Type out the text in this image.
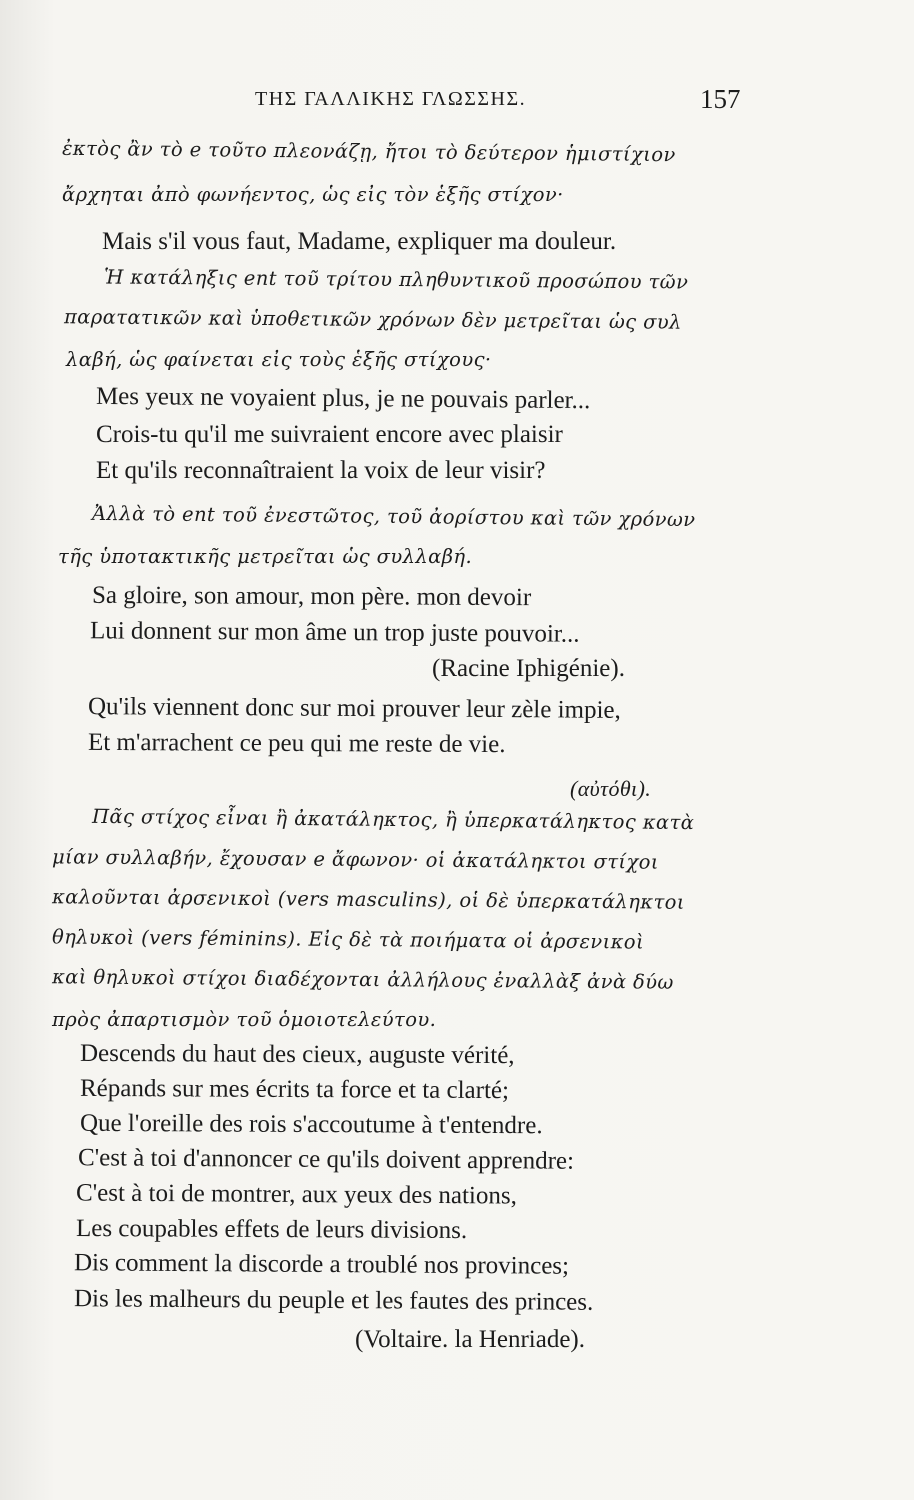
ΤΗΣ ΓΑΛΛΙΚΗΣ ΓΛΩΣΣΗΣ.	157
ἐκτὸς ἂν τὸ e τοῦτο πλεονάζῃ, ἤτοι τὸ δεύτερον ἡμιστίχιον
ἄρχηται ἀπὸ φωνήεντος, ὡς εἰς τὸν ἑξῆς στίχον·
Mais s'il vous faut, Madame, expliquer ma douleur.
Ἡ κατάληξις ent τοῦ τρίτου πληθυντικοῦ προσώπου τῶν
παρατατικῶν καὶ ὑποθετικῶν χρόνων δὲν μετρεῖται ὡς συλ
λαβή, ὡς φαίνεται εἰς τοὺς ἑξῆς στίχους·
Mes yeux ne voyaient plus, je ne pouvais parler...
Crois-tu qu'il me suivraient encore avec plaisir
Et qu'ils reconnaîtraient la voix de leur visir?
Ἀλλὰ τὸ ent τοῦ ἐνεστῶτος, τοῦ ἀορίστου καὶ τῶν χρόνων
τῆς ὑποτακτικῆς μετρεῖται ὡς συλλαβή.
Sa gloire, son amour, mon père. mon devoir
Lui donnent sur mon âme un trop juste pouvoir...
(Racine Iphigénie).
Qu'ils viennent donc sur moi prouver leur zèle impie,
Et m'arrachent ce peu qui me reste de vie.
(αὐτόθι).
Πᾶς στίχος εἶναι ἢ ἀκατάληκτος, ἢ ὑπερκατάληκτος κατὰ
μίαν συλλαβήν, ἔχουσαν e ἄφωνον· οἱ ἀκατάληκτοι στίχοι
καλοῦνται ἀρσενικοὶ (vers masculins), οἱ δὲ ὑπερκατάληκτοι
θηλυκοὶ (vers féminins). Εἰς δὲ τὰ ποιήματα οἱ ἀρσενικοὶ
καὶ θηλυκοὶ στίχοι διαδέχονται ἀλλήλους ἐναλλὰξ ἀνὰ δύω
πρὸς ἀπαρτισμὸν τοῦ ὁμοιοτελεύτου.
Descends du haut des cieux, auguste vérité,
Répands sur mes écrits ta force et ta clarté;
Que l'oreille des rois s'accoutume à t'entendre.
C'est à toi d'annoncer ce qu'ils doivent apprendre:
C'est à toi de montrer, aux yeux des nations,
Les coupables effets de leurs divisions.
Dis comment la discorde a troublé nos provinces;
Dis les malheurs du peuple et les fautes des princes.
(Voltaire. la Henriade).
